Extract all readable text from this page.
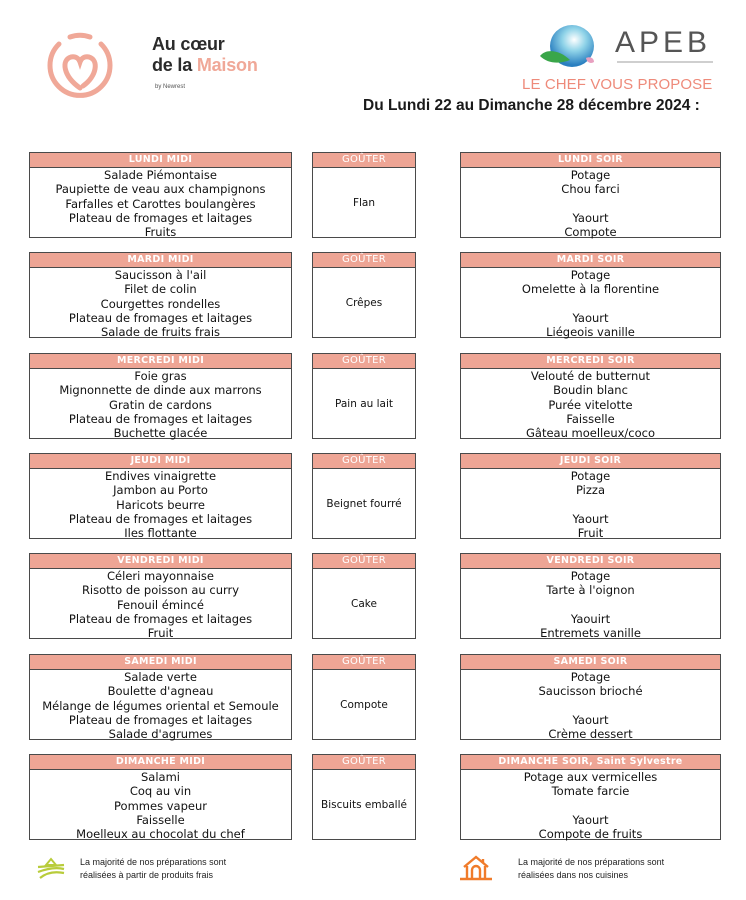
Au cœur
de la Maison
by Newrest
APEB
LE CHEF VOUS PROPOSE
Du Lundi 22 au Dimanche 28 décembre 2024 :
LUNDI MIDI
Salade Piémontaise
Paupiette de veau aux champignons
Farfalles et Carottes boulangères
Plateau de fromages et laitages
Fruits
GOÛTER
Flan
LUNDI SOIR
Potage
Chou farci
Yaourt
Compote
MARDI MIDI
Saucisson à l'ail
Filet de colin
Courgettes rondelles
Plateau de fromages et laitages
Salade de fruits frais
GOÛTER
Crêpes
MARDI SOIR
Potage
Omelette à la florentine
Yaourt
Liégeois vanille
MERCREDI MIDI
Foie gras
Mignonnette de dinde aux marrons
Gratin de cardons
Plateau de fromages et laitages
Buchette glacée
GOÛTER
Pain au lait
MERCREDI SOIR
Velouté de butternut
Boudin blanc
Purée vitelotte
Faisselle
Gâteau moelleux/coco
JEUDI MIDI
Endives vinaigrette
Jambon au Porto
Haricots beurre
Plateau de fromages et laitages
Iles flottante
GOÛTER
Beignet fourré
JEUDI SOIR
Potage
Pizza
Yaourt
Fruit
VENDREDI MIDI
Céleri mayonnaise
Risotto de poisson au curry
Fenouil émincé
Plateau de fromages et laitages
Fruit
GOÛTER
Cake
VENDREDI SOIR
Potage
Tarte à l'oignon
Yaouirt
Entremets vanille
SAMEDI MIDI
Salade verte
Boulette d'agneau
Mélange de légumes oriental et Semoule
Plateau de fromages et laitages
Salade d'agrumes
GOÛTER
Compote
SAMEDI SOIR
Potage
Saucisson brioché
Yaourt
Crème dessert
DIMANCHE MIDI
Salami
Coq au vin
Pommes vapeur
Faisselle
Moelleux au chocolat du chef
GOÛTER
Biscuits emballé
DIMANCHE SOIR, Saint Sylvestre
Potage aux vermicelles
Tomate farcie
Yaourt
Compote de fruits
La majorité de nos préparations sont
réalisées à partir de produits frais
La majorité de nos préparations sont
réalisées dans nos cuisines
